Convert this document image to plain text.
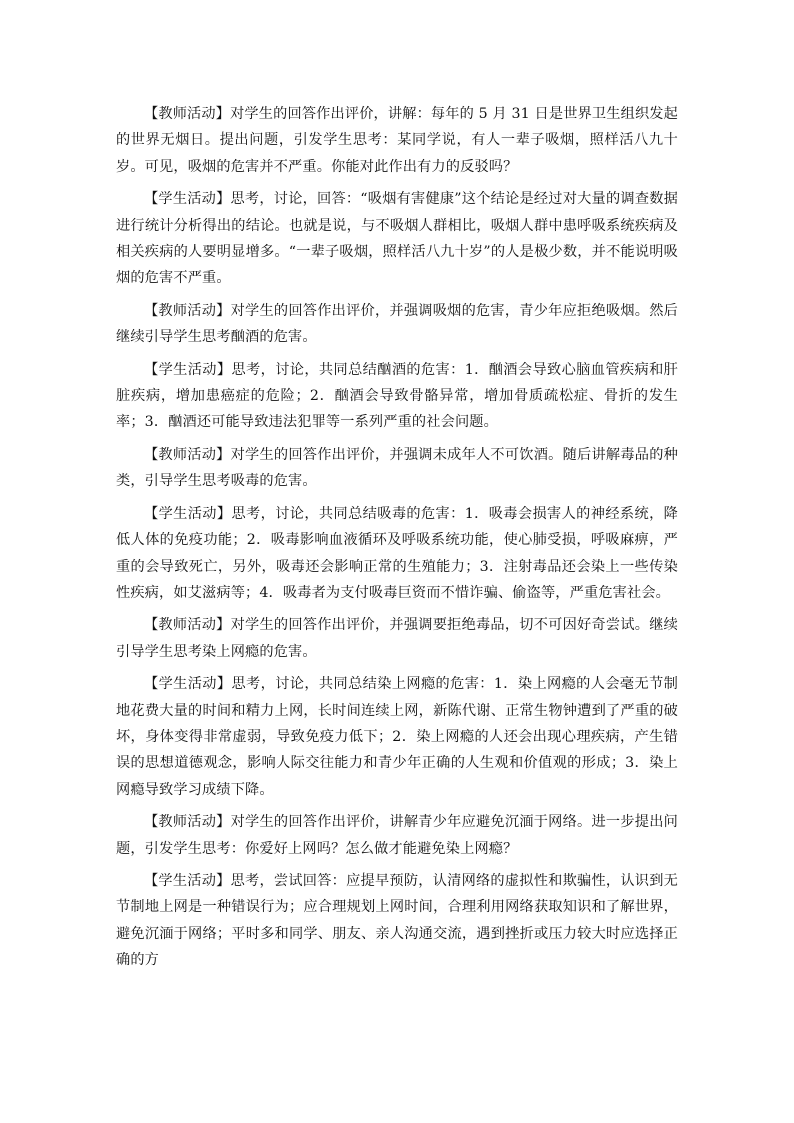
【教师活动】对学生的回答作出评价，讲解：每年的 5 月 31 日是世界卫生组织发起的世界无烟日。提出问题，引发学生思考：某同学说，有人一辈子吸烟，照样活八九十岁。可见，吸烟的危害并不严重。你能对此作出有力的反驳吗？

【学生活动】思考，讨论，回答：“吸烟有害健康”这个结论是经过对大量的调查数据进行统计分析得出的结论。也就是说，与不吸烟人群相比，吸烟人群中患呼吸系统疾病及相关疾病的人要明显增多。“一辈子吸烟，照样活八九十岁”的人是极少数，并不能说明吸烟的危害不严重。

【教师活动】对学生的回答作出评价，并强调吸烟的危害，青少年应拒绝吸烟。然后继续引导学生思考酗酒的危害。

【学生活动】思考，讨论，共同总结酗酒的危害：1．酗酒会导致心脑血管疾病和肝脏疾病，增加患癌症的危险；2．酗酒会导致骨骼异常，增加骨质疏松症、骨折的发生率；3．酗酒还可能导致违法犯罪等一系列严重的社会问题。

【教师活动】对学生的回答作出评价，并强调未成年人不可饮酒。随后讲解毒品的种类，引导学生思考吸毒的危害。

【学生活动】思考，讨论，共同总结吸毒的危害：1．吸毒会损害人的神经系统，降低人体的免疫功能；2．吸毒影响血液循环及呼吸系统功能，使心肺受损，呼吸麻痹，严重的会导致死亡，另外，吸毒还会影响正常的生殖能力；3．注射毒品还会染上一些传染性疾病，如艾滋病等；4．吸毒者为支付吸毒巨资而不惜诈骗、偷盗等，严重危害社会。

【教师活动】对学生的回答作出评价，并强调要拒绝毒品，切不可因好奇尝试。继续引导学生思考染上网瘾的危害。

【学生活动】思考，讨论，共同总结染上网瘾的危害：1．染上网瘾的人会毫无节制地花费大量的时间和精力上网，长时间连续上网，新陈代谢、正常生物钟遭到了严重的破坏，身体变得非常虚弱，导致免疫力低下；2．染上网瘾的人还会出现心理疾病，产生错误的思想道德观念，影响人际交往能力和青少年正确的人生观和价值观的形成；3．染上网瘾导致学习成绩下降。

【教师活动】对学生的回答作出评价，讲解青少年应避免沉湎于网络。进一步提出问题，引发学生思考：你爱好上网吗？怎么做才能避免染上网瘾？

【学生活动】思考，尝试回答：应提早预防，认清网络的虚拟性和欺骗性，认识到无节制地上网是一种错误行为；应合理规划上网时间，合理利用网络获取知识和了解世界，避免沉湎于网络；平时多和同学、朋友、亲人沟通交流，遇到挫折或压力较大时应选择正确的方
